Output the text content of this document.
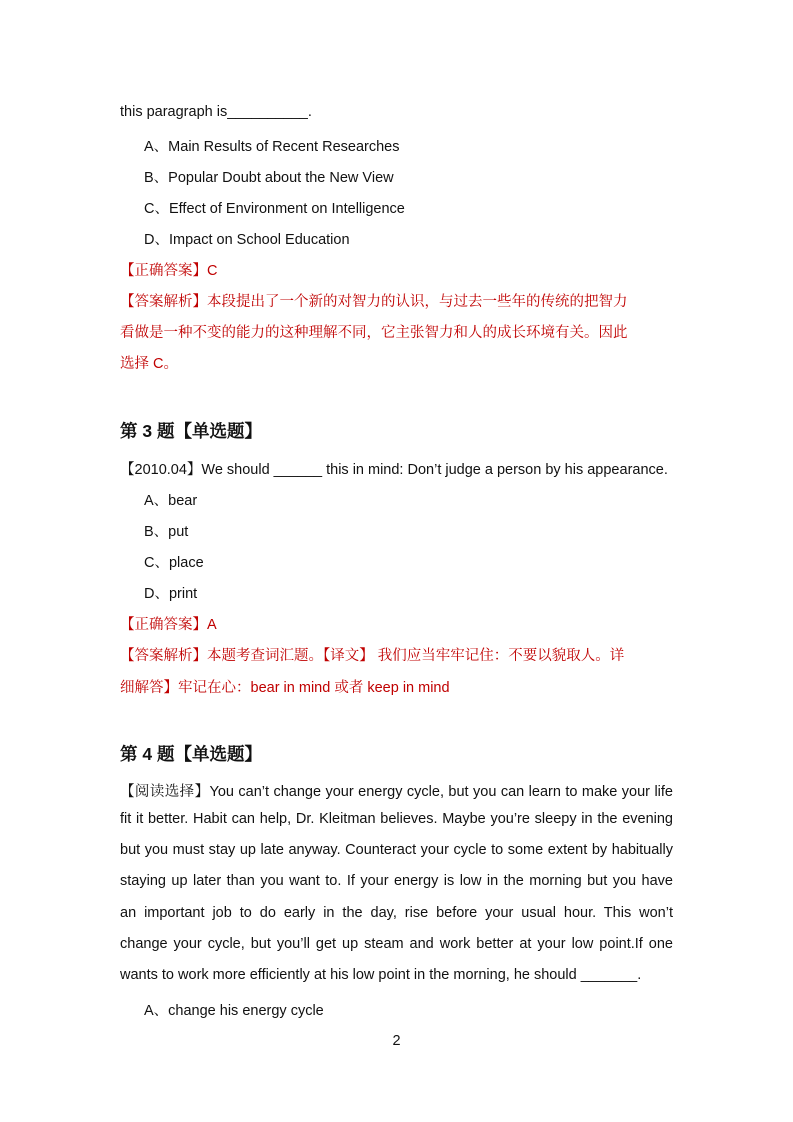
this paragraph is__________.
A、Main Results of Recent Researches
B、Popular Doubt about the New View
C、Effect of Environment on Intelligence
D、Impact on School Education
【正确答案】C
【答案解析】本段提出了一个新的对智力的认识，与过去一些年的传统的把智力
看做是一种不变的能力的这种理解不同，它主张智力和人的成长环境有关。因此
选择 C。
第 3 题【单选题】
【2010.04】We should ______ this in mind: Don’t judge a person by his appearance.
A、bear
B、put
C、place
D、print
【正确答案】A
【答案解析】本题考查词汇题。【译文】 我们应当牢牢记住：不要以貌取人。详
细解答】牢记在心：bear in mind 或者 keep in mind
第 4 题【单选题】
【阅读选择】You can’t change your energy cycle, but you can learn to make your life
fit it better. Habit can help, Dr. Kleitman believes. Maybe you’re sleepy in the evening
but you must stay up late anyway. Counteract your cycle to some extent by habitually
staying up later than you want to. If your energy is low in the morning but you have
an important job to do early in the day, rise before your usual hour. This won’t
change your cycle, but you’ll get up steam and work better at your low point.If one
wants to work more efficiently at his low point in the morning, he should _______.
A、change his energy cycle
2
